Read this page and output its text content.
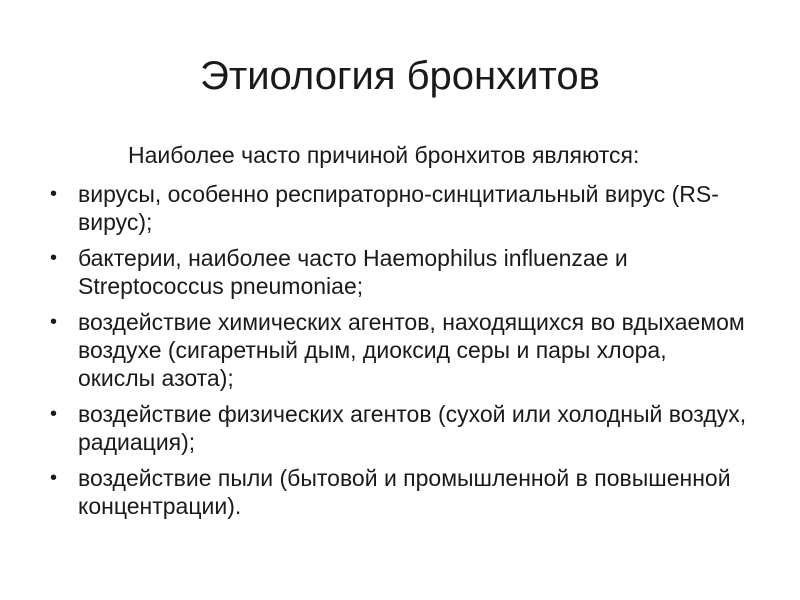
Этиология бронхитов

Наиболее часто причиной бронхитов являются:

• вирусы, особенно респираторно-синцитиальный вирус (RS-вирус);
• бактерии, наиболее часто Haemophilus influenzae и Streptococcus pneumoniae;
• воздействие химических агентов, находящихся во вдыхаемом воздухе (сигаретный дым, диоксид серы и пары хлора, окислы азота);
• воздействие физических агентов (сухой или холодный воздух, радиация);
• воздействие пыли (бытовой и промышленной в повышенной концентрации).
